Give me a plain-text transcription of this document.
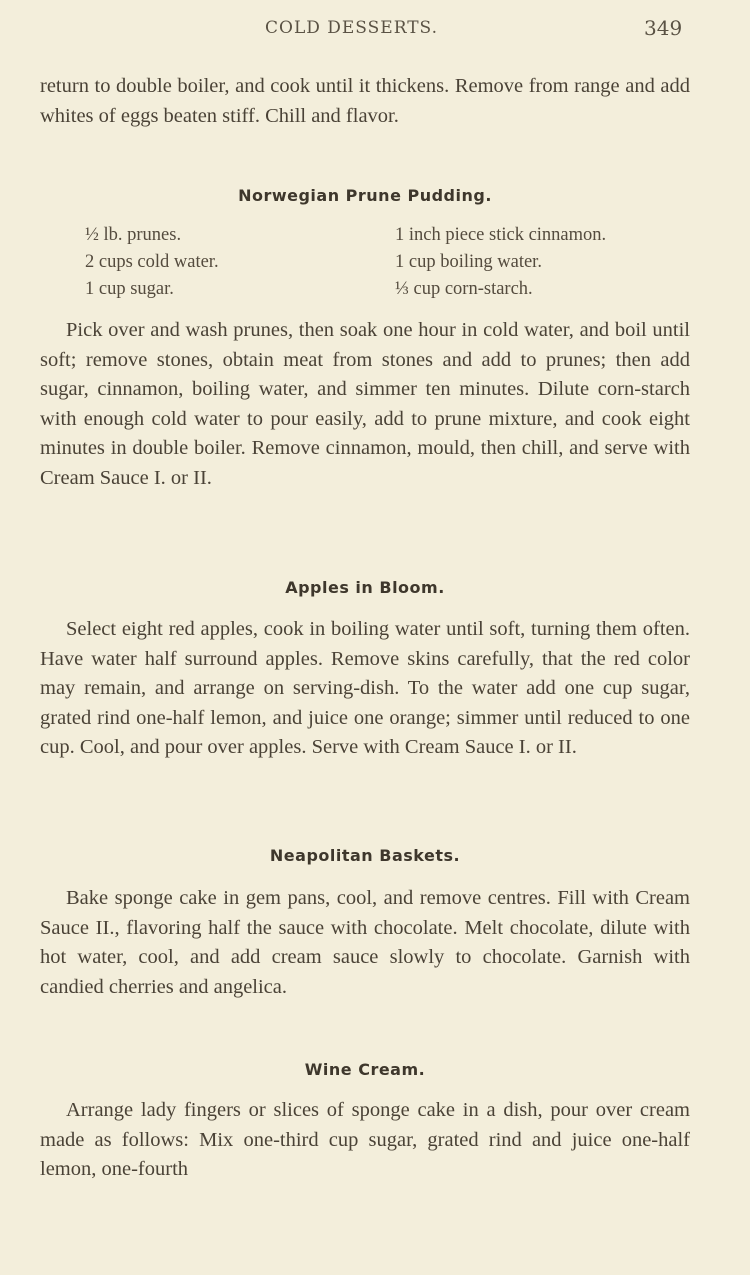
COLD DESSERTS.	349

return to double boiler, and cook until it thickens. Remove from range and add whites of eggs beaten stiff. Chill and flavor.

Norwegian Prune Pudding.
½ lb. prunes.	1 inch piece stick cinnamon.
2 cups cold water.	1 cup boiling water.
1 cup sugar.	⅓ cup corn-starch.

Pick over and wash prunes, then soak one hour in cold water, and boil until soft; remove stones, obtain meat from stones and add to prunes; then add sugar, cinnamon, boiling water, and simmer ten minutes. Dilute corn-starch with enough cold water to pour easily, add to prune mixture, and cook eight minutes in double boiler. Remove cinnamon, mould, then chill, and serve with Cream Sauce I. or II.

Apples in Bloom.

Select eight red apples, cook in boiling water until soft, turning them often. Have water half surround apples. Remove skins carefully, that the red color may remain, and arrange on serving-dish. To the water add one cup sugar, grated rind one-half lemon, and juice one orange; simmer until reduced to one cup. Cool, and pour over apples. Serve with Cream Sauce I. or II.

Neapolitan Baskets.

Bake sponge cake in gem pans, cool, and remove centres. Fill with Cream Sauce II., flavoring half the sauce with chocolate. Melt chocolate, dilute with hot water, cool, and add cream sauce slowly to chocolate. Garnish with candied cherries and angelica.

Wine Cream.

Arrange lady fingers or slices of sponge cake in a dish, pour over cream made as follows: Mix one-third cup sugar, grated rind and juice one-half lemon, one-fourth
